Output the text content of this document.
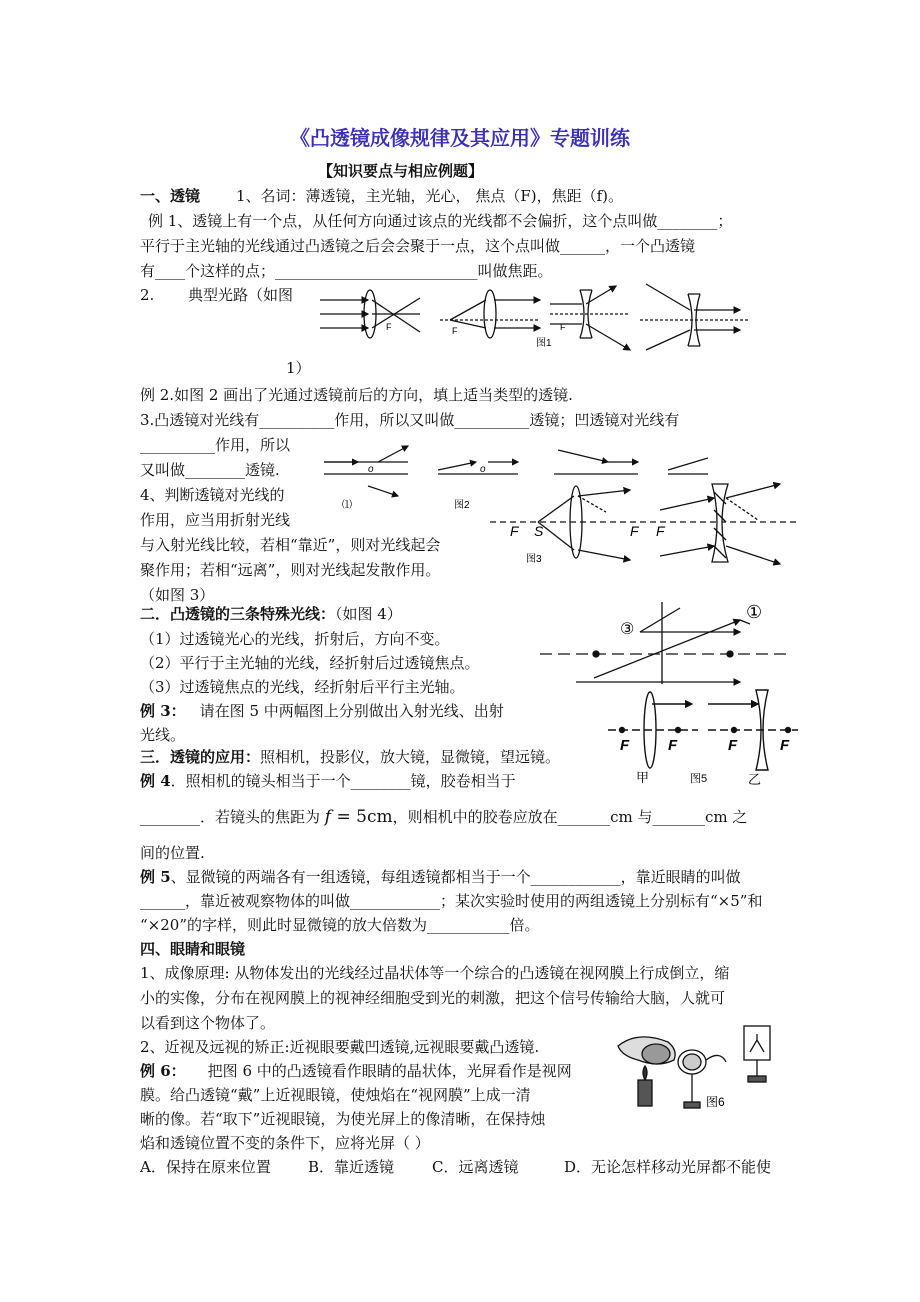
《凸透镜成像规律及其应用》专题训练
【知识要点与相应例题】
一、透镜 1、名词：薄透镜，主光轴，光心， 焦点（F)，焦距（f)。
例 1、透镜上有一个点，从任何方向通过该点的光线都不会偏折，这个点叫做________；
平行于主光轴的光线通过凸透镜之后会会聚于一点，这个点叫做______，一个凸透镜
有____个这样的点；___________________________叫做焦距。
2. 典型光路（如图
1）
F	F	F
图1
例 2.如图 2 画出了光通过透镜前后的方向，填上适当类型的透镜.
3.凸透镜对光线有__________作用，所以又叫做__________透镜；凹透镜对光线有
__________作用，所以
又叫做________透镜.
4、判断透镜对光线的
作用，应当用折射光线
与入射光线比较，若相“靠近”，则对光线起会
聚作用；若相“远离”，则对光线起发散作用。
（如图 3）
o	o
⑴	图2
F S	F F
图3
二．凸透镜的三条特殊光线：（如图 4）
（1）过透镜光心的光线，折射后，方向不变。
（2）平行于主光轴的光线，经折射后过透镜焦点。
（3）过透镜焦点的光线，经折射后平行主光轴。
例 3： 请在图 5 中两幅图上分别做出入射光线、出射
光线。
③
①
F	F	F	F
甲	图5	乙
三．透镜的应用：照相机，投影仪，放大镜，显微镜，望远镜。
例 4．照相机的镜头相当于一个________镜，胶卷相当于
________．若镜头的焦距为 f = 5cm，则相机中的胶卷应放在_______cm 与_______cm 之
间的位置.
例 5、显微镜的两端各有一组透镜，每组透镜都相当于一个____________，靠近眼睛的叫做
______，靠近被观察物体的叫做____________；某次实验时使用的两组透镜上分别标有“×5”和
“×20”的字样，则此时显微镜的放大倍数为___________倍。
四、眼睛和眼镜
1、成像原理: 从物体发出的光线经过晶状体等一个综合的凸透镜在视网膜上行成倒立，缩
小的实像，分布在视网膜上的视神经细胞受到光的刺激，把这个信号传输给大脑，人就可
以看到这个物体了。
2、近视及远视的矫正:近视眼要戴凹透镜,远视眼要戴凸透镜.
例 6： 把图 6 中的凸透镜看作眼睛的晶状体，光屏看作是视网
膜。给凸透镜“戴”上近视眼镜，使烛焰在“视网膜”上成一清
晰的像。若“取下”近视眼镜，为使光屏上的像清晰，在保持烛
焰和透镜位置不变的条件下，应将光屏（ ）
A．保持在原来位置 B．靠近透镜	C．远离透镜	D．无论怎样移动光屏都不能使
图6
